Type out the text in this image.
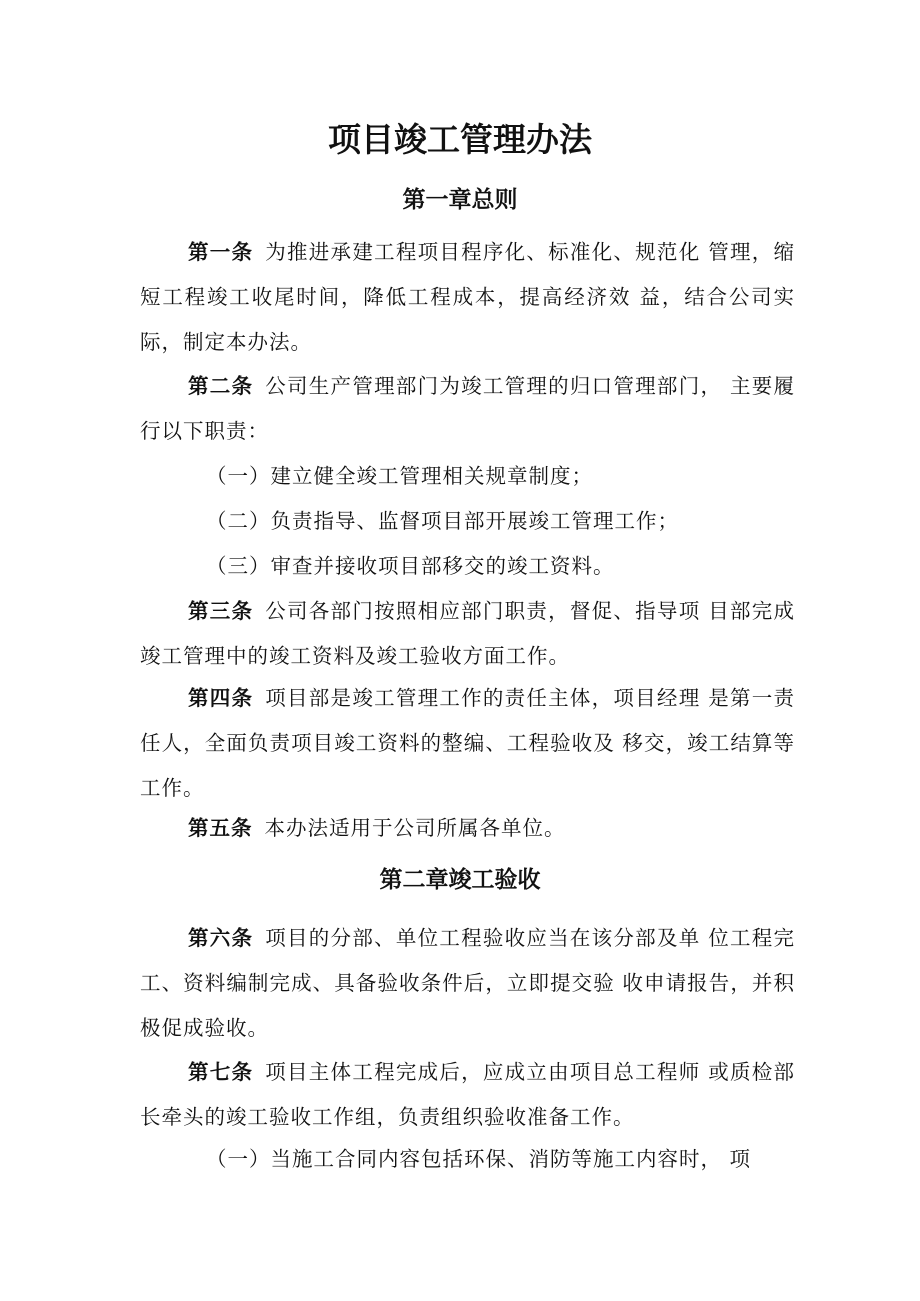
项目竣工管理办法
第一章总则

第一条 为推进承建工程项目程序化、标准化、规范化 管理，缩短工程竣工收尾时间，降低工程成本，提高经济效 益，结合公司实际，制定本办法。

第二条 公司生产管理部门为竣工管理的归口管理部门， 主要履行以下职责：

（一）建立健全竣工管理相关规章制度；

（二）负责指导、监督项目部开展竣工管理工作；

（三）审查并接收项目部移交的竣工资料。

第三条 公司各部门按照相应部门职责，督促、指导项 目部完成竣工管理中的竣工资料及竣工验收方面工作。

第四条 项目部是竣工管理工作的责任主体，项目经理 是第一责任人，全面负责项目竣工资料的整编、工程验收及 移交，竣工结算等工作。

第五条 本办法适用于公司所属各单位。

第二章竣工验收

第六条 项目的分部、单位工程验收应当在该分部及单 位工程完工、资料编制完成、具备验收条件后，立即提交验 收申请报告，并积极促成验收。

第七条 项目主体工程完成后，应成立由项目总工程师 或质检部长牵头的竣工验收工作组，负责组织验收准备工作。

（一）当施工合同内容包括环保、消防等施工内容时， 项
